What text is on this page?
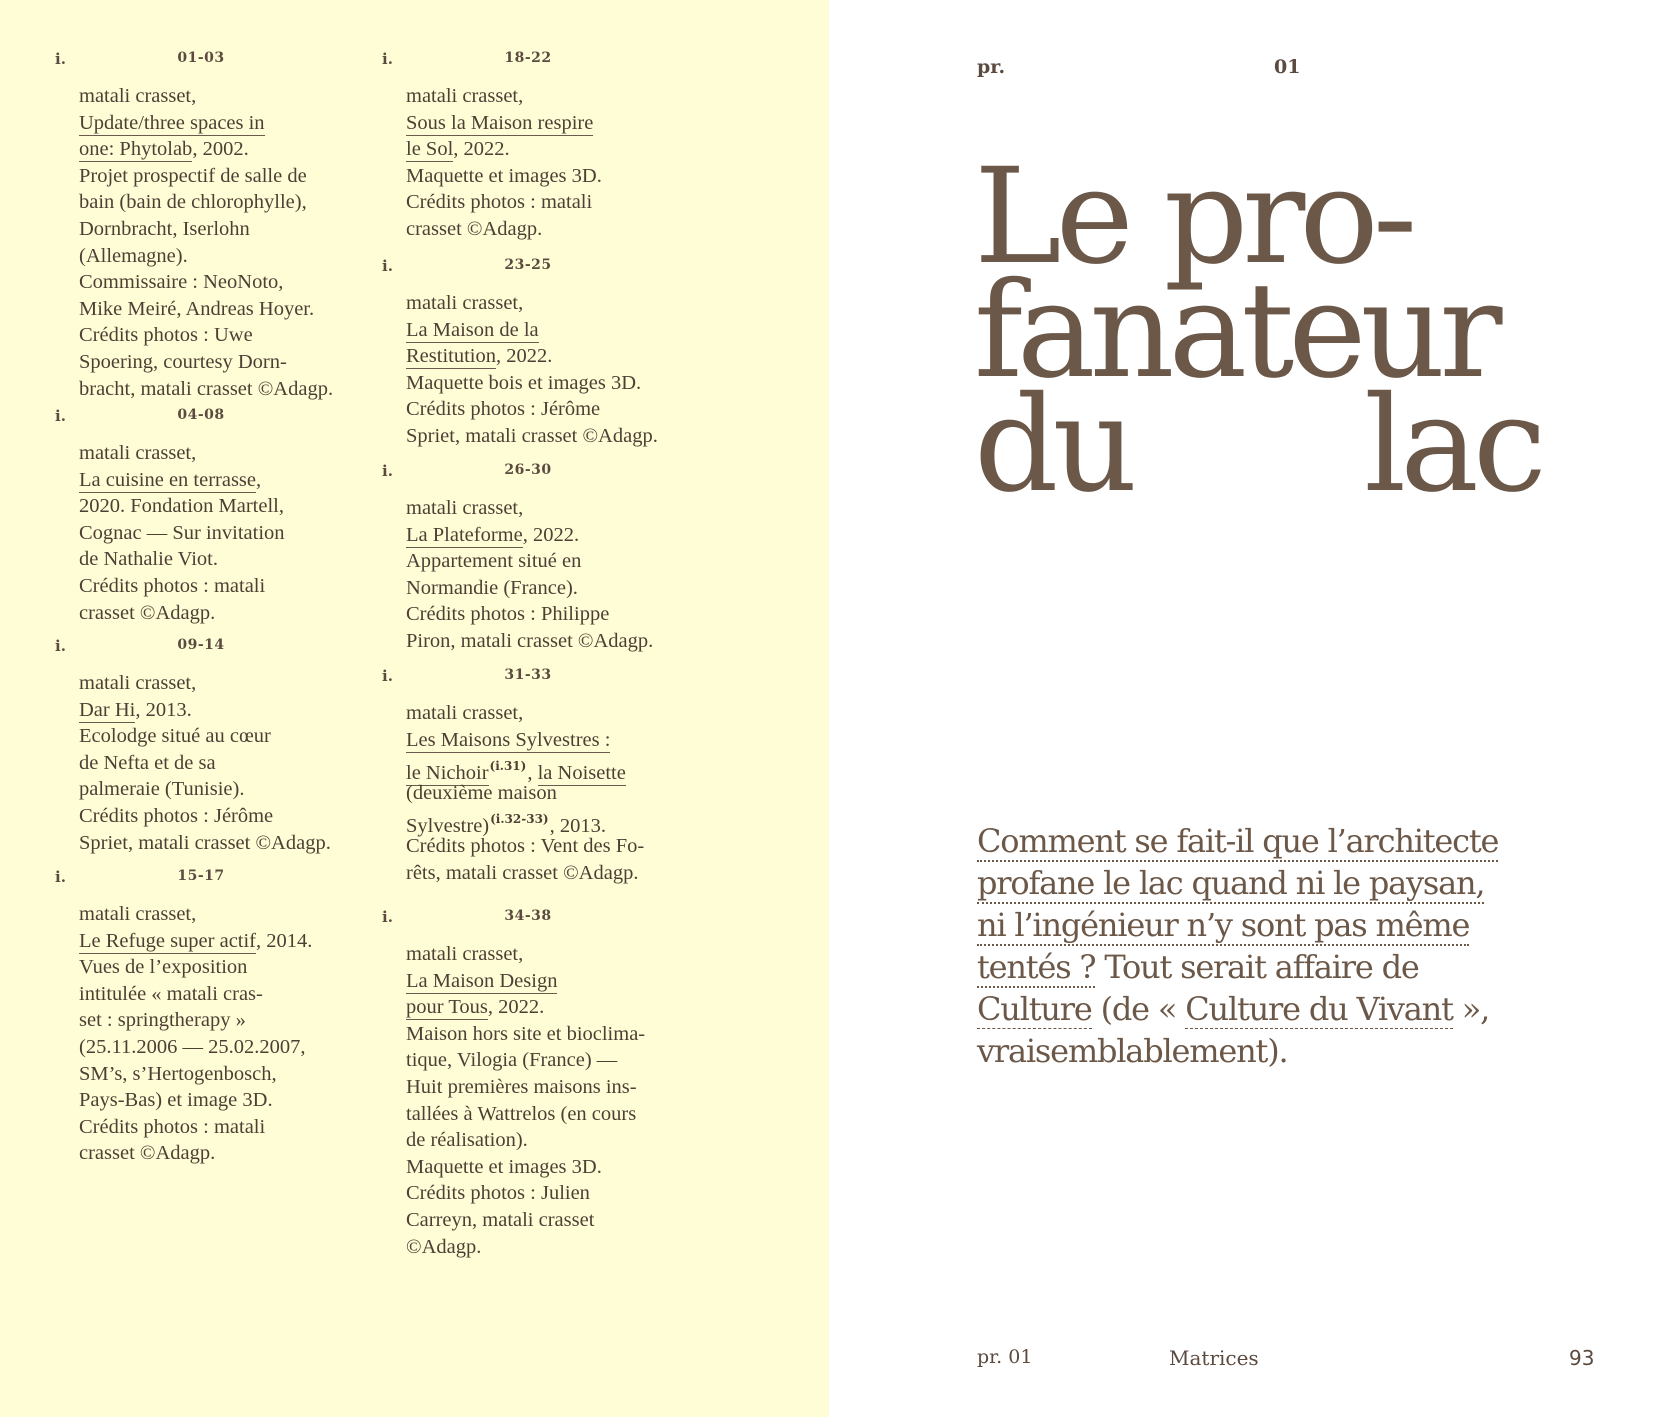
i.	01-03
matali crasset,
Update/three spaces in
one: Phytolab, 2002.
Projet prospectif de salle de
bain (bain de chlorophylle),
Dornbracht, Iserlohn
(Allemagne).
Commissaire : NeoNoto,
Mike Meiré, Andreas Hoyer.
Crédits photos : Uwe
Spoering, courtesy Dorn-
bracht, matali crasset ©Adagp.
i.	04-08
matali crasset,
La cuisine en terrasse,
2020. Fondation Martell,
Cognac — Sur invitation
de Nathalie Viot.
Crédits photos : matali
crasset ©Adagp.
i.	09-14
matali crasset,
Dar Hi, 2013.
Ecolodge situé au cœur
de Nefta et de sa
palmeraie (Tunisie).
Crédits photos : Jérôme
Spriet, matali crasset ©Adagp.
i.	15-17
matali crasset,
Le Refuge super actif, 2014.
Vues de l’exposition
intitulée « matali cras-
set : springtherapy »
(25.11.2006 — 25.02.2007,
SM’s, s’Hertogenbosch,
Pays-Bas) et image 3D.
Crédits photos : matali
crasset ©Adagp.
i.	18-22
matali crasset,
Sous la Maison respire
le Sol, 2022.
Maquette et images 3D.
Crédits photos : matali
crasset ©Adagp.
i.	23-25
matali crasset,
La Maison de la
Restitution, 2022.
Maquette bois et images 3D.
Crédits photos : Jérôme
Spriet, matali crasset ©Adagp.
i.	26-30
matali crasset,
La Plateforme, 2022.
Appartement situé en
Normandie (France).
Crédits photos : Philippe
Piron, matali crasset ©Adagp.
i.	31-33
matali crasset,
Les Maisons Sylvestres :
le Nichoir$^{(i.31)}$, la Noisette
(deuxième maison
Sylvestre)$^{(i.32-33)}$, 2013.
Crédits photos : Vent des Fo-
rêts, matali crasset ©Adagp.
i.	34-38
matali crasset,
La Maison Design
pour Tous, 2022.
Maison hors site et bioclima-
tique, Vilogia (France) —
Huit premières maisons ins-
tallées à Wattrelos (en cours
de réalisation).
Maquette et images 3D.
Crédits photos : Julien
Carreyn, matali crasset
©Adagp.
pr.	01
Le pro-
fanateur
du lac
Comment se fait-il que l’architecte
profane le lac quand ni le paysan,
ni l’ingénieur n’y sont pas même
tentés ? Tout serait affaire de
Culture (de « Culture du Vivant »,
vraisemblablement).
pr. 01	Matrices	93
